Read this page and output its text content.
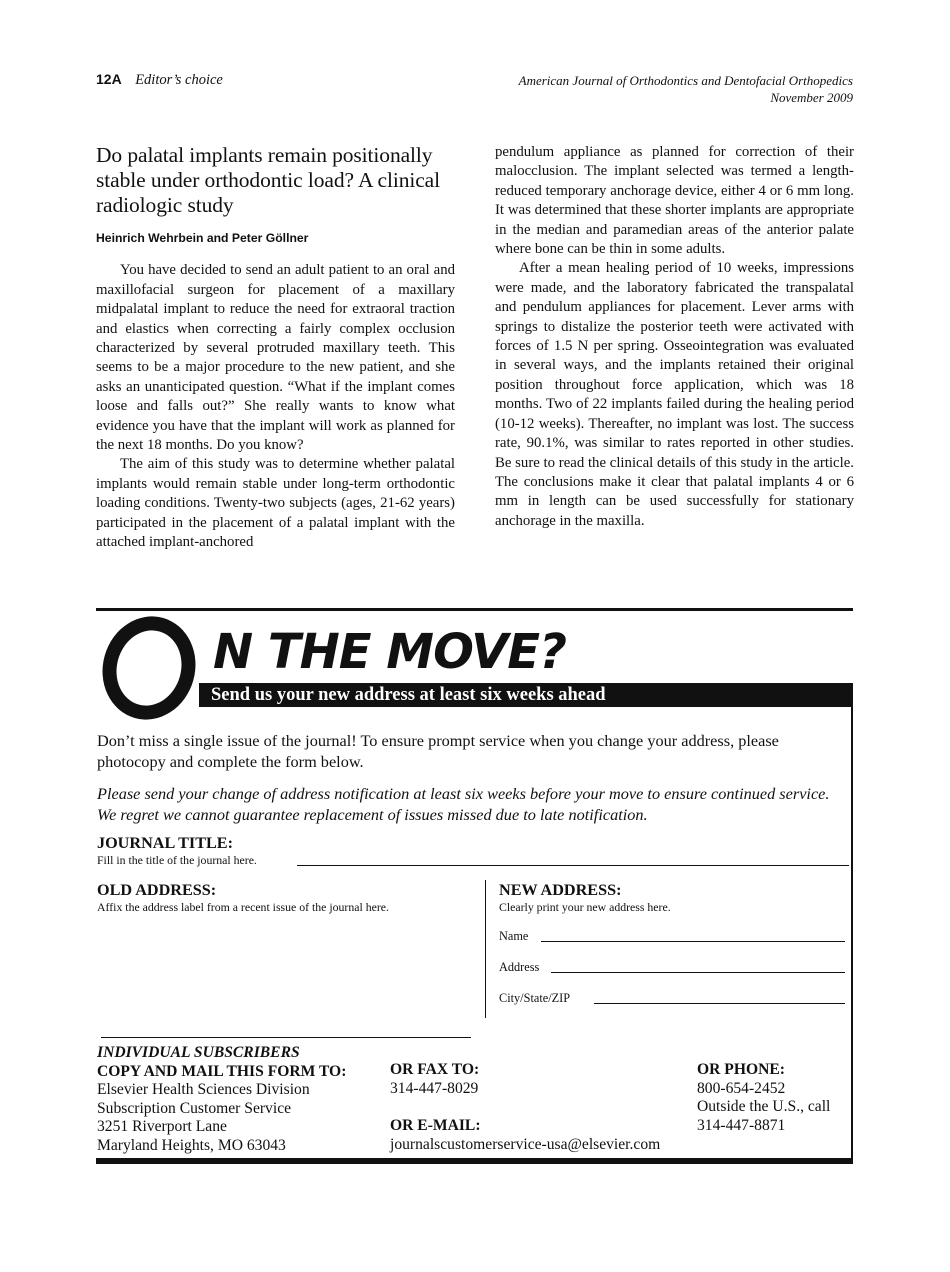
12A Editor’s choice	American Journal of Orthodontics and Dentofacial Orthopedics
November 2009
Do palatal implants remain positionally stable under orthodontic load? A clinical radiologic study
Heinrich Wehrbein and Peter Göllner

You have decided to send an adult patient to an oral and maxillofacial surgeon for placement of a maxillary midpalatal implant to reduce the need for extraoral traction and elastics when correcting a fairly complex occlusion characterized by several protruded maxillary teeth. This seems to be a major procedure to the new patient, and she asks an unanticipated question. “What if the implant comes loose and falls out?” She really wants to know what evidence you have that the implant will work as planned for the next 18 months. Do you know?

The aim of this study was to determine whether palatal implants would remain stable under long-term orthodontic loading conditions. Twenty-two subjects (ages, 21-62 years) participated in the placement of a palatal implant with the attached implant-anchored

pendulum appliance as planned for correction of their malocclusion. The implant selected was termed a length-reduced temporary anchorage device, either 4 or 6 mm long. It was determined that these shorter implants are appropriate in the median and paramedian areas of the anterior palate where bone can be thin in some adults.

After a mean healing period of 10 weeks, impressions were made, and the laboratory fabricated the transpalatal and pendulum appliances for placement. Lever arms with springs to distalize the posterior teeth were activated with forces of 1.5 N per spring. Osseointegration was evaluated in several ways, and the implants retained their original position throughout force application, which was 18 months. Two of 22 implants failed during the healing period (10-12 weeks). Thereafter, no implant was lost. The success rate, 90.1%, was similar to rates reported in other studies. Be sure to read the clinical details of this study in the article. The conclusions make it clear that palatal implants 4 or 6 mm in length can be used successfully for stationary anchorage in the maxilla.

N THE MOVE?
Send us your new address at least six weeks ahead
Don’t miss a single issue of the journal! To ensure prompt service when you change your address, please photocopy and complete the form below.
Please send your change of address notification at least six weeks before your move to ensure continued service. We regret we cannot guarantee replacement of issues missed due to late notification.
JOURNAL TITLE:
Fill in the title of the journal here.
OLD ADDRESS:
Affix the address label from a recent issue of the journal here.
NEW ADDRESS:
Clearly print your new address here.
Name
Address
City/State/ZIP
INDIVIDUAL SUBSCRIBERS
COPY AND MAIL THIS FORM TO:
Elsevier Health Sciences Division
Subscription Customer Service
3251 Riverport Lane
Maryland Heights, MO 63043
OR FAX TO:
314-447-8029
OR E-MAIL:
journalscustomerservice-usa@elsevier.com
OR PHONE:
800-654-2452
Outside the U.S., call
314-447-8871
